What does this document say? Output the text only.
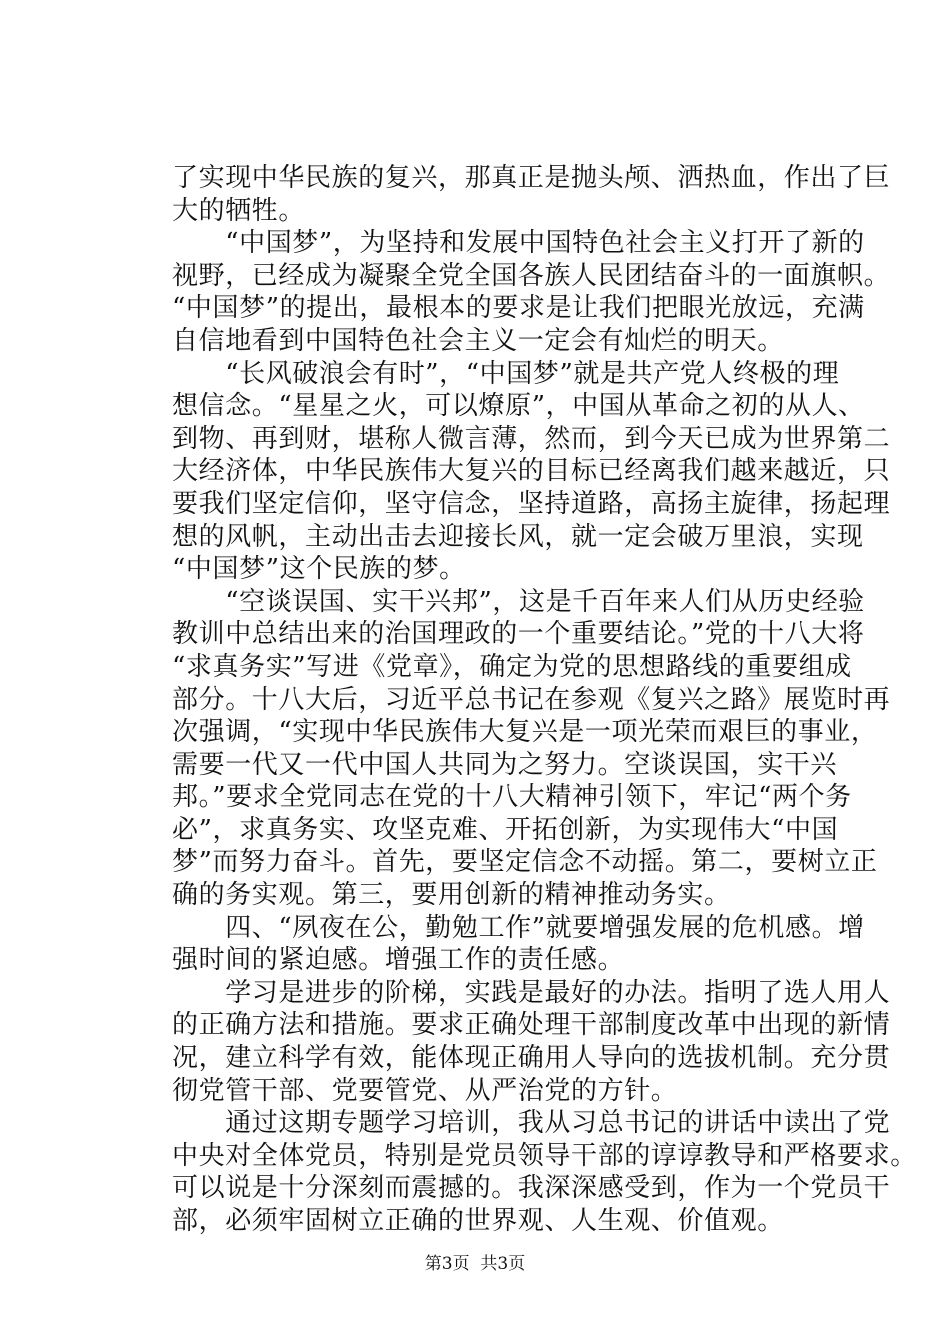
了实现中华民族的复兴，那真正是抛头颅、洒热血，作出了巨
大的牺牲。
　　“中国梦”，为坚持和发展中国特色社会主义打开了新的
视野，已经成为凝聚全党全国各族人民团结奋斗的一面旗帜。
“中国梦”的提出，最根本的要求是让我们把眼光放远，充满
自信地看到中国特色社会主义一定会有灿烂的明天。
　　“长风破浪会有时”，“中国梦”就是共产党人终极的理
想信念。“星星之火，可以燎原”，中国从革命之初的从人、
到物、再到财，堪称人微言薄，然而，到今天已成为世界第二
大经济体，中华民族伟大复兴的目标已经离我们越来越近，只
要我们坚定信仰，坚守信念，坚持道路，高扬主旋律，扬起理
想的风帆，主动出击去迎接长风，就一定会破万里浪，实现
“中国梦”这个民族的梦。
　　“空谈误国、实干兴邦”，这是千百年来人们从历史经验
教训中总结出来的治国理政的一个重要结论。”党的十八大将
“求真务实”写进《党章》，确定为党的思想路线的重要组成
部分。十八大后，习近平总书记在参观《复兴之路》展览时再
次强调，“实现中华民族伟大复兴是一项光荣而艰巨的事业，
需要一代又一代中国人共同为之努力。空谈误国，实干兴
邦。”要求全党同志在党的十八大精神引领下，牢记“两个务
必”，求真务实、攻坚克难、开拓创新，为实现伟大“中国
梦”而努力奋斗。首先，要坚定信念不动摇。第二，要树立正
确的务实观。第三，要用创新的精神推动务实。
　　四、“夙夜在公，勤勉工作”就要增强发展的危机感。增
强时间的紧迫感。增强工作的责任感。
　　学习是进步的阶梯，实践是最好的办法。指明了选人用人
的正确方法和措施。要求正确处理干部制度改革中出现的新情
况，建立科学有效，能体现正确用人导向的选拔机制。充分贯
彻党管干部、党要管党、从严治党的方针。
　　通过这期专题学习培训，我从习总书记的讲话中读出了党
中央对全体党员，特别是党员领导干部的谆谆教导和严格要求。
可以说是十分深刻而震撼的。我深深感受到，作为一个党员干
部，必须牢固树立正确的世界观、人生观、价值观。
第3页  共3页
